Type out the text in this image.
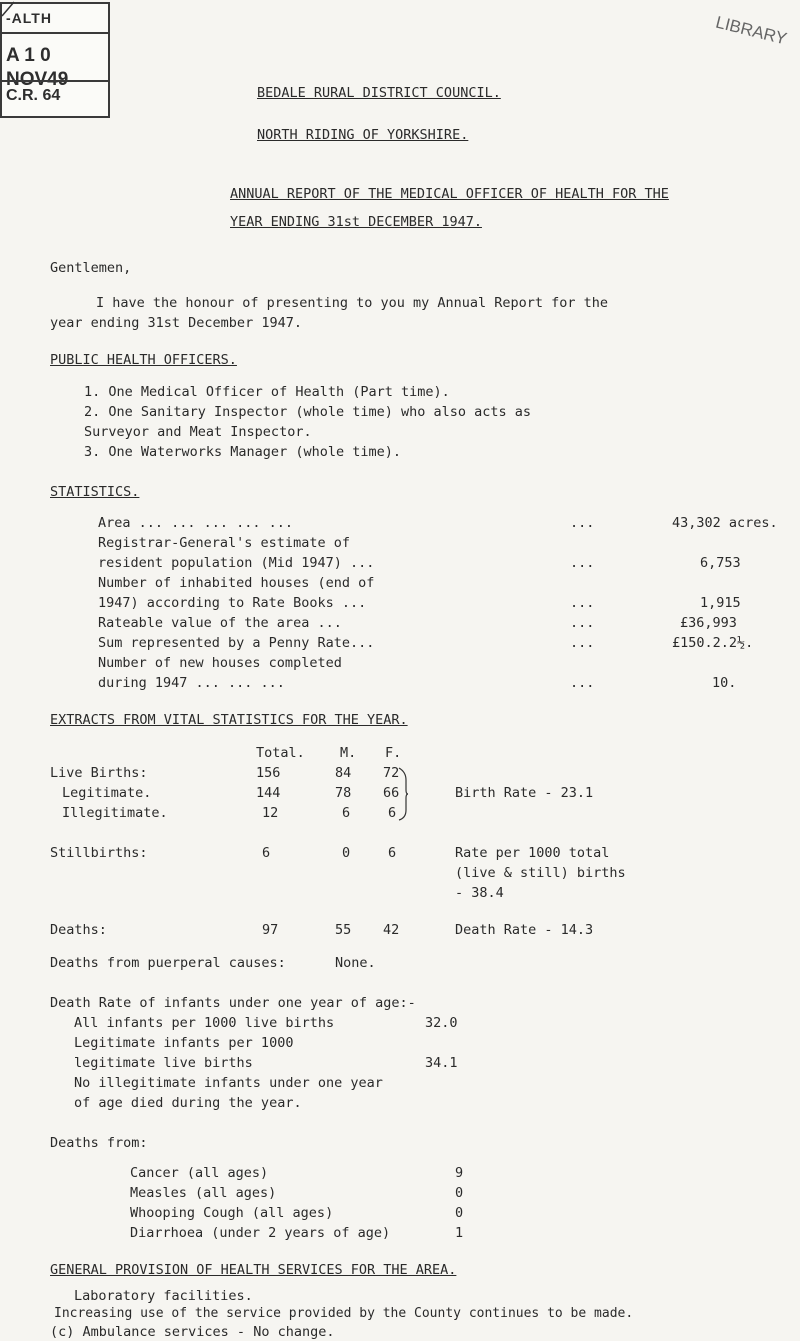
-ALTH
A 1 0 NOV49
C.R. 64
LIBRARY
BEDALE RURAL DISTRICT COUNCIL.
NORTH RIDING OF YORKSHIRE.
ANNUAL REPORT OF THE MEDICAL OFFICER OF HEALTH FOR THE
YEAR ENDING 31st DECEMBER 1947.
Gentlemen,
I have the honour of presenting to you my Annual Report for the
year ending 31st December 1947.
PUBLIC HEALTH OFFICERS.
1. One Medical Officer of Health (Part time).
2. One Sanitary Inspector (whole time) who also acts as
Surveyor and Meat Inspector.
3. One Waterworks Manager (whole time).
STATISTICS.
Area ... ... ... ... ...	...	43,302 acres.
Registrar-General's estimate of
resident population (Mid 1947) ...	...	6,753
Number of inhabited houses (end of
1947) according to Rate Books ...	...	1,915
Rateable value of the area ...	...	£36,993
Sum represented by a Penny Rate...	...	£150.2.2½.
Number of new houses completed
during 1947 ... ... ...	...	10.
EXTRACTS FROM VITAL STATISTICS FOR THE YEAR.
Total.	M. F.
Live Births:	156	84 72
Legitimate.	144	78 66	Birth Rate - 23.1
Illegitimate.	12	6	6
Stillbirths:	6	0	6	Rate per 1000 total
(live & still) births
- 38.4
Deaths:	97	55 42	Death Rate - 14.3
Deaths from puerperal causes:	None.
Death Rate of infants under one year of age:-
All infants per 1000 live births	32.0
Legitimate infants per 1000
legitimate live births	34.1
No illegitimate infants under one year
of age died during the year.
Deaths from:
Cancer (all ages)	9
Measles (all ages)	0
Whooping Cough (all ages)	0
Diarrhoea (under 2 years of age)	1
GENERAL PROVISION OF HEALTH SERVICES FOR THE AREA.
Laboratory facilities.
Increasing use of the service provided by the County continues to be made.
(c) Ambulance services - No change.
